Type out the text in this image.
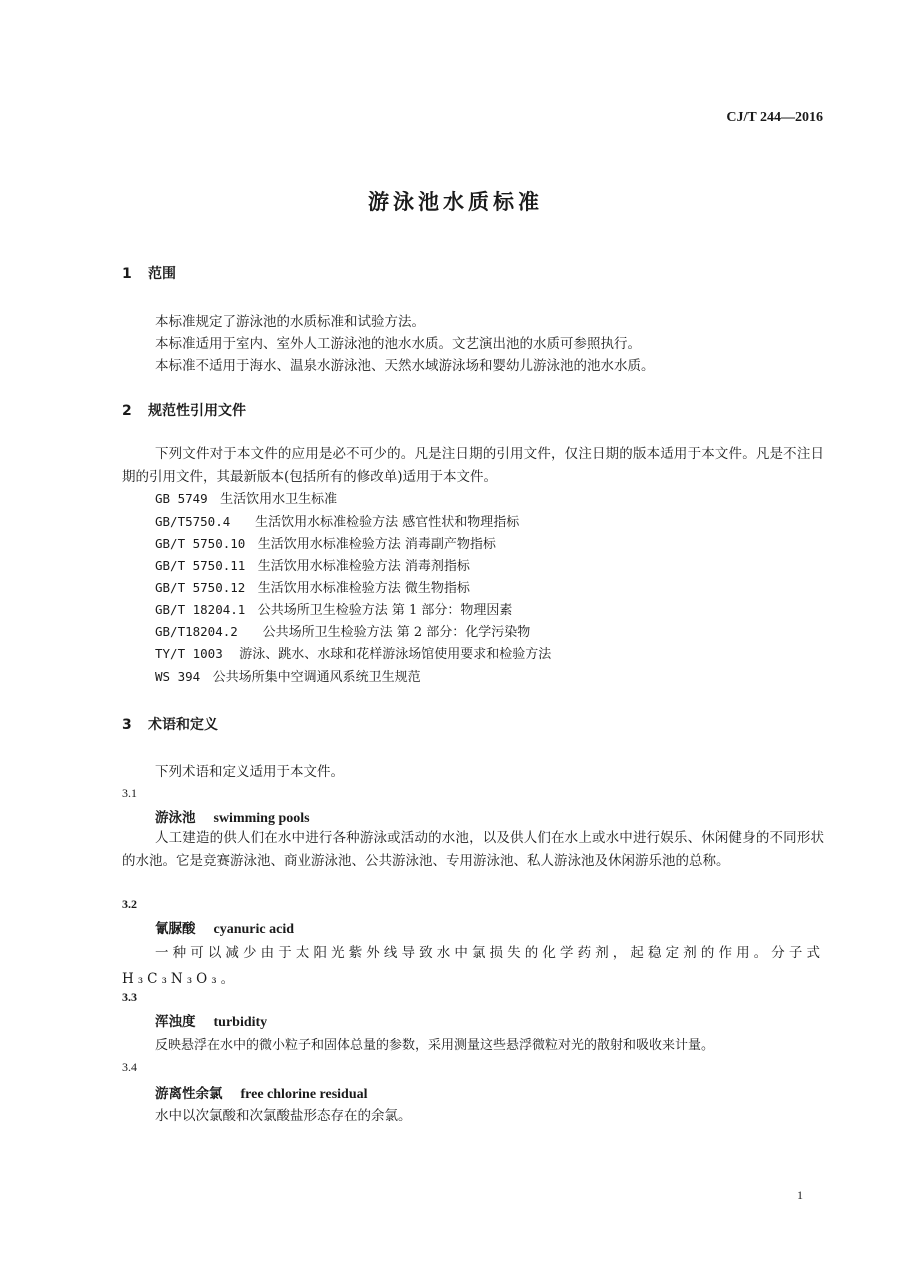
CJ/T 244—2016
游泳池水质标准
1 范围
本标准规定了游泳池的水质标准和试验方法。
本标准适用于室内、室外人工游泳池的池水水质。文艺演出池的水质可参照执行。
本标准不适用于海水、温泉水游泳池、天然水域游泳场和婴幼儿游泳池的池水水质。
2 规范性引用文件
下列文件对于本文件的应用是必不可少的。凡是注日期的引用文件，仅注日期的版本适用于本文件。凡是不注日期的引用文件，其最新版本(包括所有的修改单)适用于本文件。
GB 5749 生活饮用水卫生标准
GB/T5750.4 生活饮用水标准检验方法 感官性状和物理指标
GB/T 5750.10 生活饮用水标准检验方法 消毒副产物指标
GB/T 5750.11 生活饮用水标准检验方法 消毒剂指标
GB/T 5750.12 生活饮用水标准检验方法 微生物指标
GB/T 18204.1 公共场所卫生检验方法 第 1 部分：物理因素
GB/T18204.2 公共场所卫生检验方法 第 2 部分：化学污染物
TY/T 1003 游泳、跳水、水球和花样游泳场馆使用要求和检验方法
WS 394 公共场所集中空调通风系统卫生规范
3 术语和定义
下列术语和定义适用于本文件。
3.1
游泳池 swimming pools
人工建造的供人们在水中进行各种游泳或活动的水池，以及供人们在水上或水中进行娱乐、休闲健身的不同形状的水池。它是竞赛游泳池、商业游泳池、公共游泳池、专用游泳池、私人游泳池及休闲游乐池的总称。
3.2
氰脲酸 cyanuric acid
一种可以减少由于太阳光紫外线导致水中氯损失的化学药剂，起稳定剂的作用。分子式 H₃C₃N₃O₃。
3.3
浑浊度 turbidity
反映悬浮在水中的微小粒子和固体总量的参数，采用测量这些悬浮微粒对光的散射和吸收来计量。
3.4
游离性余氯 free chlorine residual
水中以次氯酸和次氯酸盐形态存在的余氯。
1
